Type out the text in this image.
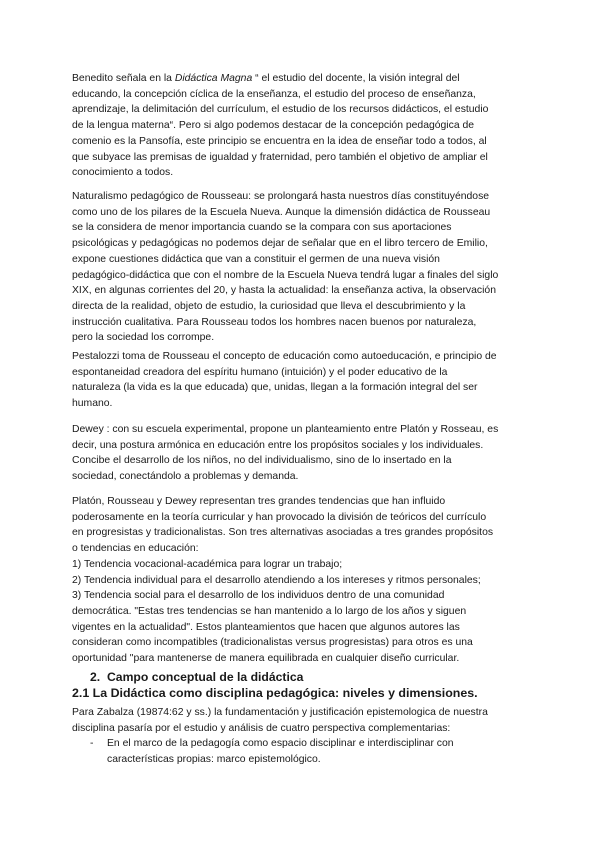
Benedito señala en la Didáctica Magna “ el estudio del docente, la visión integral del
educando, la concepción cíclica de la enseñanza, el estudio del proceso de enseñanza,
aprendizaje, la delimitación del currículum, el estudio de los recursos didácticos, el estudio
de la lengua materna“. Pero si algo podemos destacar de la concepción pedagógica de
comenio es la Pansofía, este principio se encuentra en la idea de enseñar todo a todos, al
que subyace las premisas de igualdad y fraternidad, pero también el objetivo de ampliar el
conocimiento a todos.

Naturalismo pedagógico de Rousseau: se prolongará hasta nuestros días constituyéndose
como uno de los pilares de la Escuela Nueva. Aunque la dimensión didáctica de Rousseau
se la considera de menor importancia cuando se la compara con sus aportaciones
psicológicas y pedagógicas no podemos dejar de señalar que en el libro tercero de Emilio,
expone cuestiones didáctica que van a constituir el germen de una nueva visión
pedagógico-didáctica que con el nombre de la Escuela Nueva tendrá lugar a finales del siglo
XIX, en algunas corrientes del 20, y hasta la actualidad: la enseñanza activa, la observación
directa de la realidad, objeto de estudio, la curiosidad que lleva el descubrimiento y la
instrucción cualitativa. Para Rousseau todos los hombres nacen buenos por naturaleza,
pero la sociedad los corrompe.

Pestalozzi toma de Rousseau el concepto de educación como autoeducación, e principio de
espontaneidad creadora del espíritu humano (intuición) y el poder educativo de la
naturaleza (la vida es la que educada) que, unidas, llegan a la formación integral del ser
humano.

Dewey : con su escuela experimental, propone un planteamiento entre Platón y Rosseau, es
decir, una postura armónica en educación entre los propósitos sociales y los individuales.
Concibe el desarrollo de los niños, no del individualismo, sino de lo insertado en la
sociedad, conectándolo a problemas y demanda.

Platón, Rousseau y Dewey representan tres grandes tendencias que han influido
poderosamente en la teoría curricular y han provocado la división de teóricos del currículo
en progresistas y tradicionalistas. Son tres alternativas asociadas a tres grandes propósitos
o tendencias en educación:
1) Tendencia vocacional-académica para lograr un trabajo;
2) Tendencia individual para el desarrollo atendiendo a los intereses y ritmos personales;
3) Tendencia social para el desarrollo de los individuos dentro de una comunidad
democrática. "Estas tres tendencias se han mantenido a lo largo de los años y siguen
vigentes en la actualidad". Estos planteamientos que hacen que algunos autores las
consideran como incompatibles (tradicionalistas versus progresistas) para otros es una
oportunidad "para mantenerse de manera equilibrada en cualquier diseño curricular.

2. Campo conceptual de la didáctica
2.1 La Didáctica como disciplina pedagógica: niveles y dimensiones.

Para Zabalza (19874:62 y ss.) la fundamentación y justificación epistemologica de nuestra
disciplina pasaría por el estudio y análisis de cuatro perspectiva complementarias:

- En el marco de la pedagogía como espacio disciplinar e interdisciplinar con
características propias: marco epistemológico.
